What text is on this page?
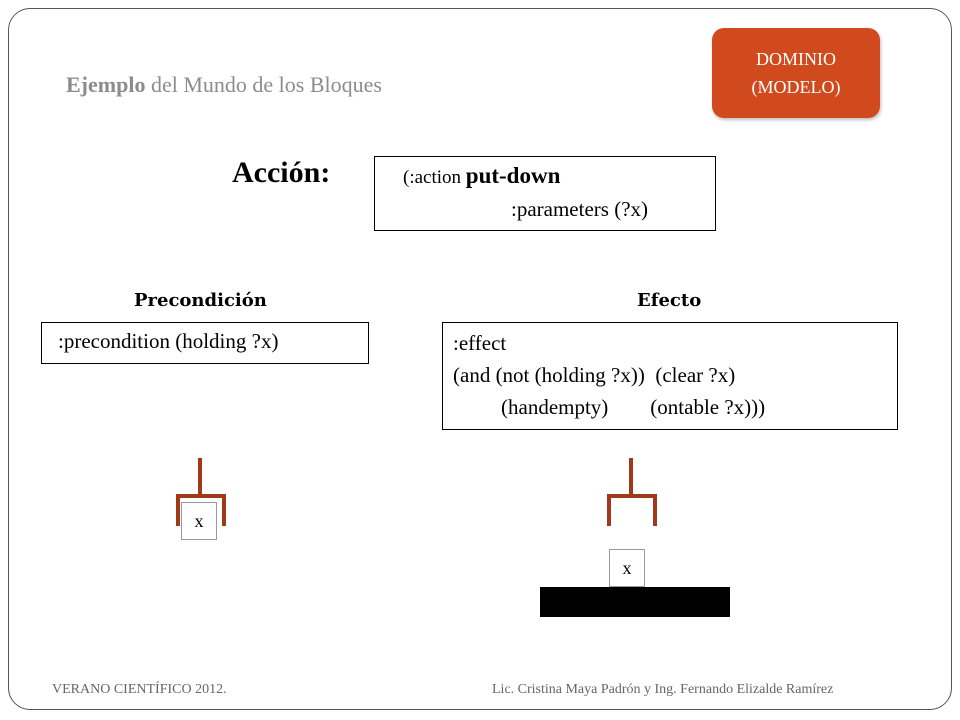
Ejemplo del Mundo de los Bloques
DOMINIO
(MODELO)
Acción:	(:action put-down
:parameters (?x)
Precondición	Efecto
:precondition (holding ?x)	:effect
(and (not (holding ?x))  (clear ?x)
(handempty)        (ontable ?x)))
x
x
VERANO CIENTÍFICO 2012.	Lic. Cristina Maya Padrón y Ing. Fernando Elizalde Ramírez
